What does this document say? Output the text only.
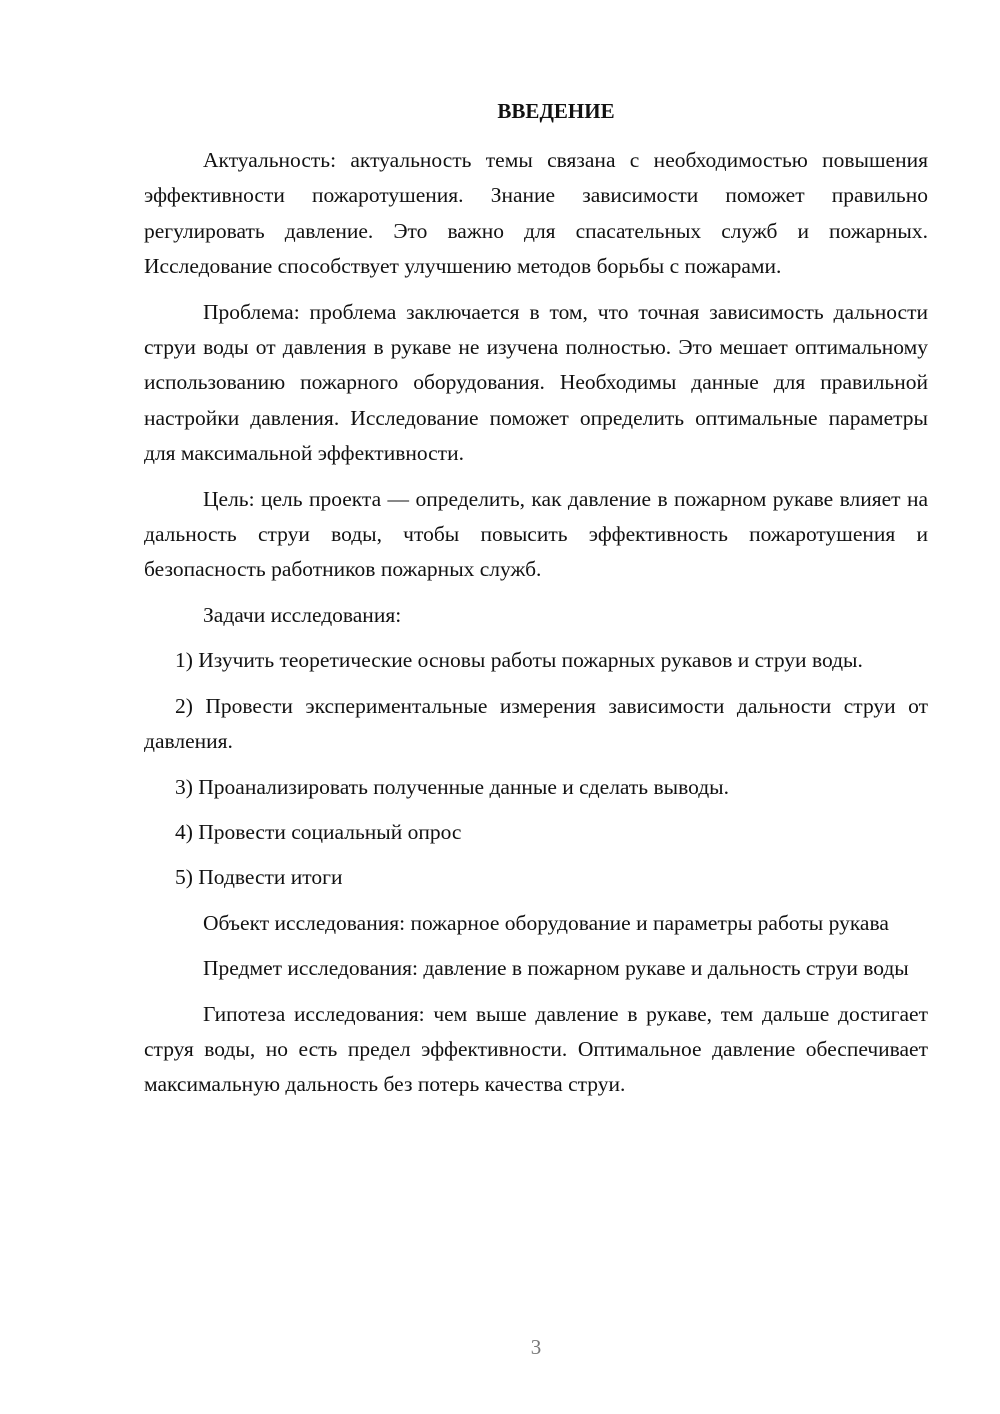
ВВЕДЕНИЕ

Актуальность: актуальность темы связана с необходимостью повышения эффективности пожаротушения. Знание зависимости поможет правильно регулировать давление. Это важно для спасательных служб и пожарных. Исследование способствует улучшению методов борьбы с пожарами.

Проблема: проблема заключается в том, что точная зависимость дальности струи воды от давления в рукаве не изучена полностью. Это мешает оптимальному использованию пожарного оборудования. Необходимы данные для правильной настройки давления. Исследование поможет определить оптимальные параметры для максимальной эффективности.

Цель: цель проекта — определить, как давление в пожарном рукаве влияет на дальность струи воды, чтобы повысить эффективность пожаротушения и безопасность работников пожарных служб.

Задачи исследования:

1) Изучить теоретические основы работы пожарных рукавов и струи воды.

2) Провести экспериментальные измерения зависимости дальности струи от давления.

3) Проанализировать полученные данные и сделать выводы.

4) Провести социальный опрос

5) Подвести итоги

Объект исследования: пожарное оборудование и параметры работы рукава

Предмет исследования: давление в пожарном рукаве и дальность струи воды

Гипотеза исследования: чем выше давление в рукаве, тем дальше достигает струя воды, но есть предел эффективности. Оптимальное давление обеспечивает максимальную дальность без потерь качества струи.

3
